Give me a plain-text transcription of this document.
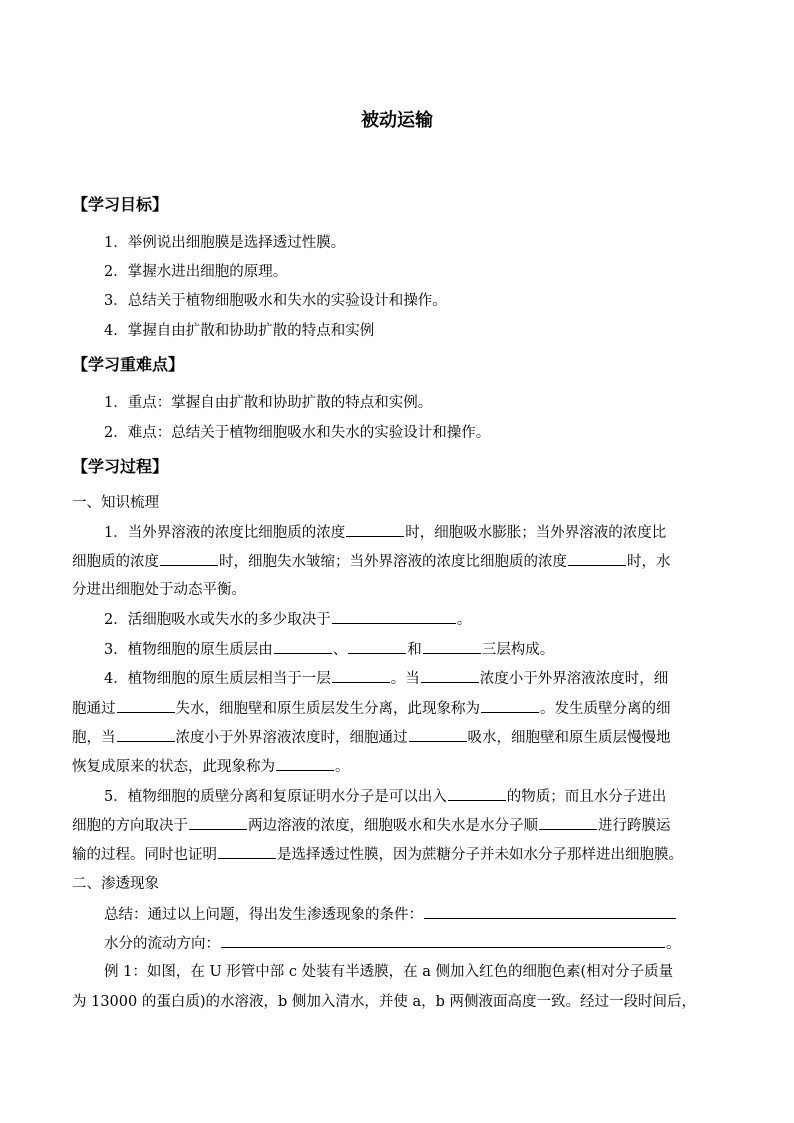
被动运输
【学习目标】
1．举例说出细胞膜是选择透过性膜。
2．掌握水进出细胞的原理。
3．总结关于植物细胞吸水和失水的实验设计和操作。
4．掌握自由扩散和协助扩散的特点和实例
【学习重难点】
1．重点：掌握自由扩散和协助扩散的特点和实例。
2．难点：总结关于植物细胞吸水和失水的实验设计和操作。
【学习过程】
一、知识梳理
1．当外界溶液的浓度比细胞质的浓度	时，细胞吸水膨胀；当外界溶液的浓度比
细胞质的浓度	时，细胞失水皱缩；当外界溶液的浓度比细胞质的浓度	时，水
分进出细胞处于动态平衡。
2．活细胞吸水或失水的多少取决于	。
3．植物细胞的原生质层由	、	和	三层构成。
4．植物细胞的原生质层相当于一层	。当	浓度小于外界溶液浓度时，细
胞通过	失水，细胞壁和原生质层发生分离，此现象称为	。发生质壁分离的细
胞，当	浓度小于外界溶液浓度时，细胞通过	吸水，细胞壁和原生质层慢慢地
恢复成原来的状态，此现象称为	。
5．植物细胞的质壁分离和复原证明水分子是可以出入	的物质；而且水分子进出
细胞的方向取决于	两边溶液的浓度，细胞吸水和失水是水分子顺	进行跨膜运
输的过程。同时也证明	是选择透过性膜，因为蔗糖分子并未如水分子那样进出细胞膜。
二、渗透现象
总结：通过以上问题，得出发生渗透现象的条件：
水分的流动方向：	。
例 1：如图，在 U 形管中部 c 处装有半透膜，在 a 侧加入红色的细胞色素(相对分子质量
为 13000 的蛋白质)的水溶液，b 侧加入清水，并使 a，b 两侧液面高度一致。经过一段时间后，
